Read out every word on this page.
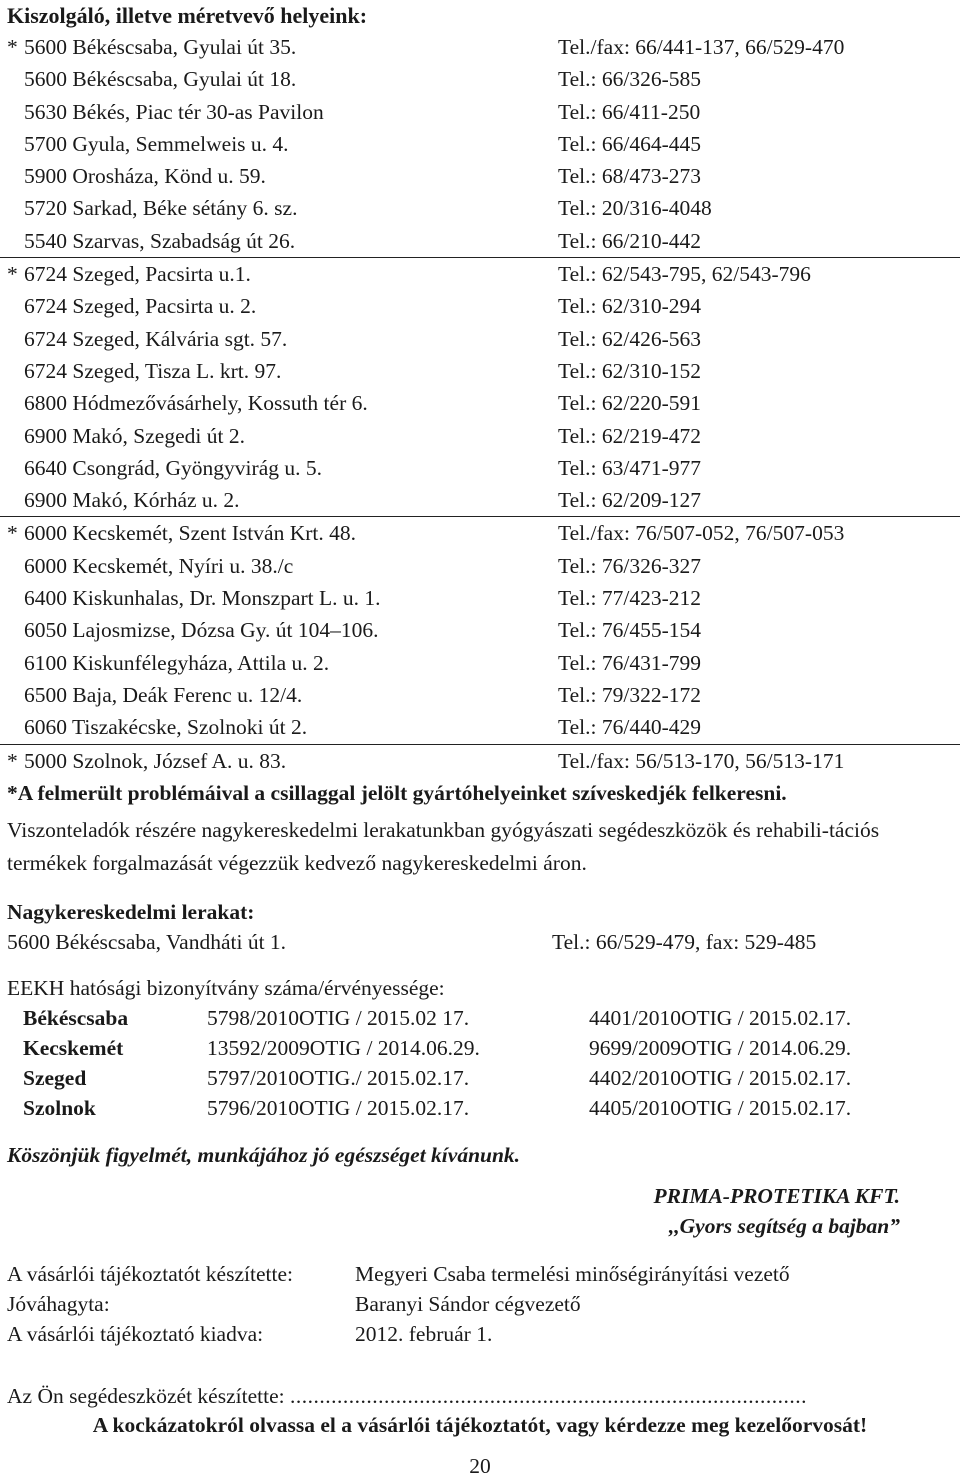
Kiszolgáló, illetve méretvevő helyeink:
* 5600 Békéscsaba, Gyulai út 35.	Tel./fax: 66/441-137, 66/529-470
5600 Békéscsaba, Gyulai út 18.	Tel.: 66/326-585
5630 Békés, Piac tér 30-as Pavilon	Tel.: 66/411-250
5700 Gyula, Semmelweis u. 4.	Tel.: 66/464-445
5900 Orosháza, Könd u. 59.	Tel.: 68/473-273
5720 Sarkad, Béke sétány 6. sz.	Tel.: 20/316-4048
5540 Szarvas, Szabadság út 26.	Tel.: 66/210-442
* 6724 Szeged, Pacsirta u.1.	Tel.: 62/543-795, 62/543-796
6724 Szeged, Pacsirta u. 2.	Tel.: 62/310-294
6724 Szeged, Kálvária sgt. 57.	Tel.: 62/426-563
6724 Szeged, Tisza L. krt. 97.	Tel.: 62/310-152
6800 Hódmezővásárhely, Kossuth tér 6.	Tel.: 62/220-591
6900 Makó, Szegedi út 2.	Tel.: 62/219-472
6640 Csongrád, Gyöngyvirág u. 5.	Tel.: 63/471-977
6900 Makó, Kórház u. 2.	Tel.: 62/209-127
* 6000 Kecskemét, Szent István Krt. 48.	Tel./fax: 76/507-052, 76/507-053
6000 Kecskemét, Nyíri u. 38./c	Tel.: 76/326-327
6400 Kiskunhalas, Dr. Monszpart L. u. 1.	Tel.: 77/423-212
6050 Lajosmizse, Dózsa Gy. út 104–106.	Tel.: 76/455-154
6100 Kiskunfélegyháza, Attila u. 2.	Tel.: 76/431-799
6500 Baja, Deák Ferenc u. 12/4.	Tel.: 79/322-172
6060 Tiszakécske, Szolnoki út 2.	Tel.: 76/440-429
* 5000 Szolnok, József A. u. 83.	Tel./fax: 56/513-170, 56/513-171
*A felmerült problémáival a csillaggal jelölt gyártóhelyeinket szíveskedjék felkeresni.
Viszonteladók részére nagykereskedelmi lerakatunkban gyógyászati segédeszközök és rehabili-tációs termékek forgalmazását végezzük kedvező nagykereskedelmi áron.
Nagykereskedelmi lerakat:
5600 Békéscsaba, Vandháti út 1.	Tel.: 66/529-479, fax: 529-485
EEKH hatósági bizonyítvány száma/érvényessége:
Békéscsaba	5798/2010OTIG / 2015.02 17.	4401/2010OTIG / 2015.02.17.
Kecskemét	13592/2009OTIG / 2014.06.29.	9699/2009OTIG / 2014.06.29.
Szeged	5797/2010OTIG./ 2015.02.17.	4402/2010OTIG / 2015.02.17.
Szolnok	5796/2010OTIG / 2015.02.17.	4405/2010OTIG / 2015.02.17.
Köszönjük figyelmét, munkájához jó egészséget kívánunk.
PRIMA-PROTETIKA KFT.
,,Gyors segítség a bajban”
A vásárlói tájékoztatót készítette:	Megyeri Csaba termelési minőségirányítási vezető
Jóváhagyta:	Baranyi Sándor cégvezető
A vásárlói tájékoztató kiadva:	2012. február 1.
Az Ön segédeszközét készítette: ........................................................................................
A kockázatokról olvassa el a vásárlói tájékoztatót, vagy kérdezze meg kezelőorvosát!
20
